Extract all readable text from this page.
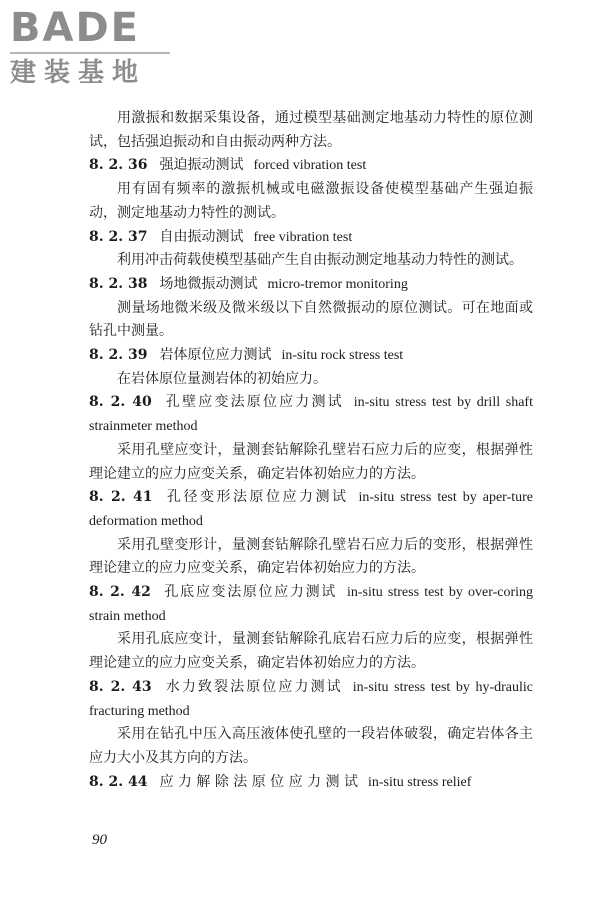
BADE
建装基地

用激振和数据采集设备，通过模型基础测定地基动力特性的原位测试，包括强迫振动和自由振动两种方法。

8. 2. 36 强迫振动测试 forced vibration test

用有固有频率的激振机械或电磁激振设备使模型基础产生强迫振动，测定地基动力特性的测试。

8. 2. 37 自由振动测试 free vibration test

利用冲击荷载使模型基础产生自由振动测定地基动力特性的测试。

8. 2. 38 场地微振动测试 micro-tremor monitoring

测量场地微米级及微米级以下自然微振动的原位测试。可在地面或钻孔中测量。

8. 2. 39 岩体原位应力测试 in-situ rock stress test

在岩体原位量测岩体的初始应力。

8. 2. 40 孔壁应变法原位应力测试 in-situ stress test by drill shaft strainmeter method

采用孔壁应变计，量测套钻解除孔壁岩石应力后的应变，根据弹性理论建立的应力应变关系，确定岩体初始应力的方法。

8. 2. 41 孔径变形法原位应力测试 in-situ stress test by aper-ture deformation method

采用孔壁变形计，量测套钻解除孔壁岩石应力后的变形，根据弹性理论建立的应力应变关系，确定岩体初始应力的方法。

8. 2. 42 孔底应变法原位应力测试 in-situ stress test by over-coring strain method

采用孔底应变计，量测套钻解除孔底岩石应力后的应变，根据弹性理论建立的应力应变关系，确定岩体初始应力的方法。

8. 2. 43 水力致裂法原位应力测试 in-situ stress test by hy-draulic fracturing method

采用在钻孔中压入高压液体使孔壁的一段岩体破裂，确定岩体各主应力大小及其方向的方法。

8. 2. 44 应 力 解 除 法 原 位 应 力 测 试 in-situ stress relief

90
